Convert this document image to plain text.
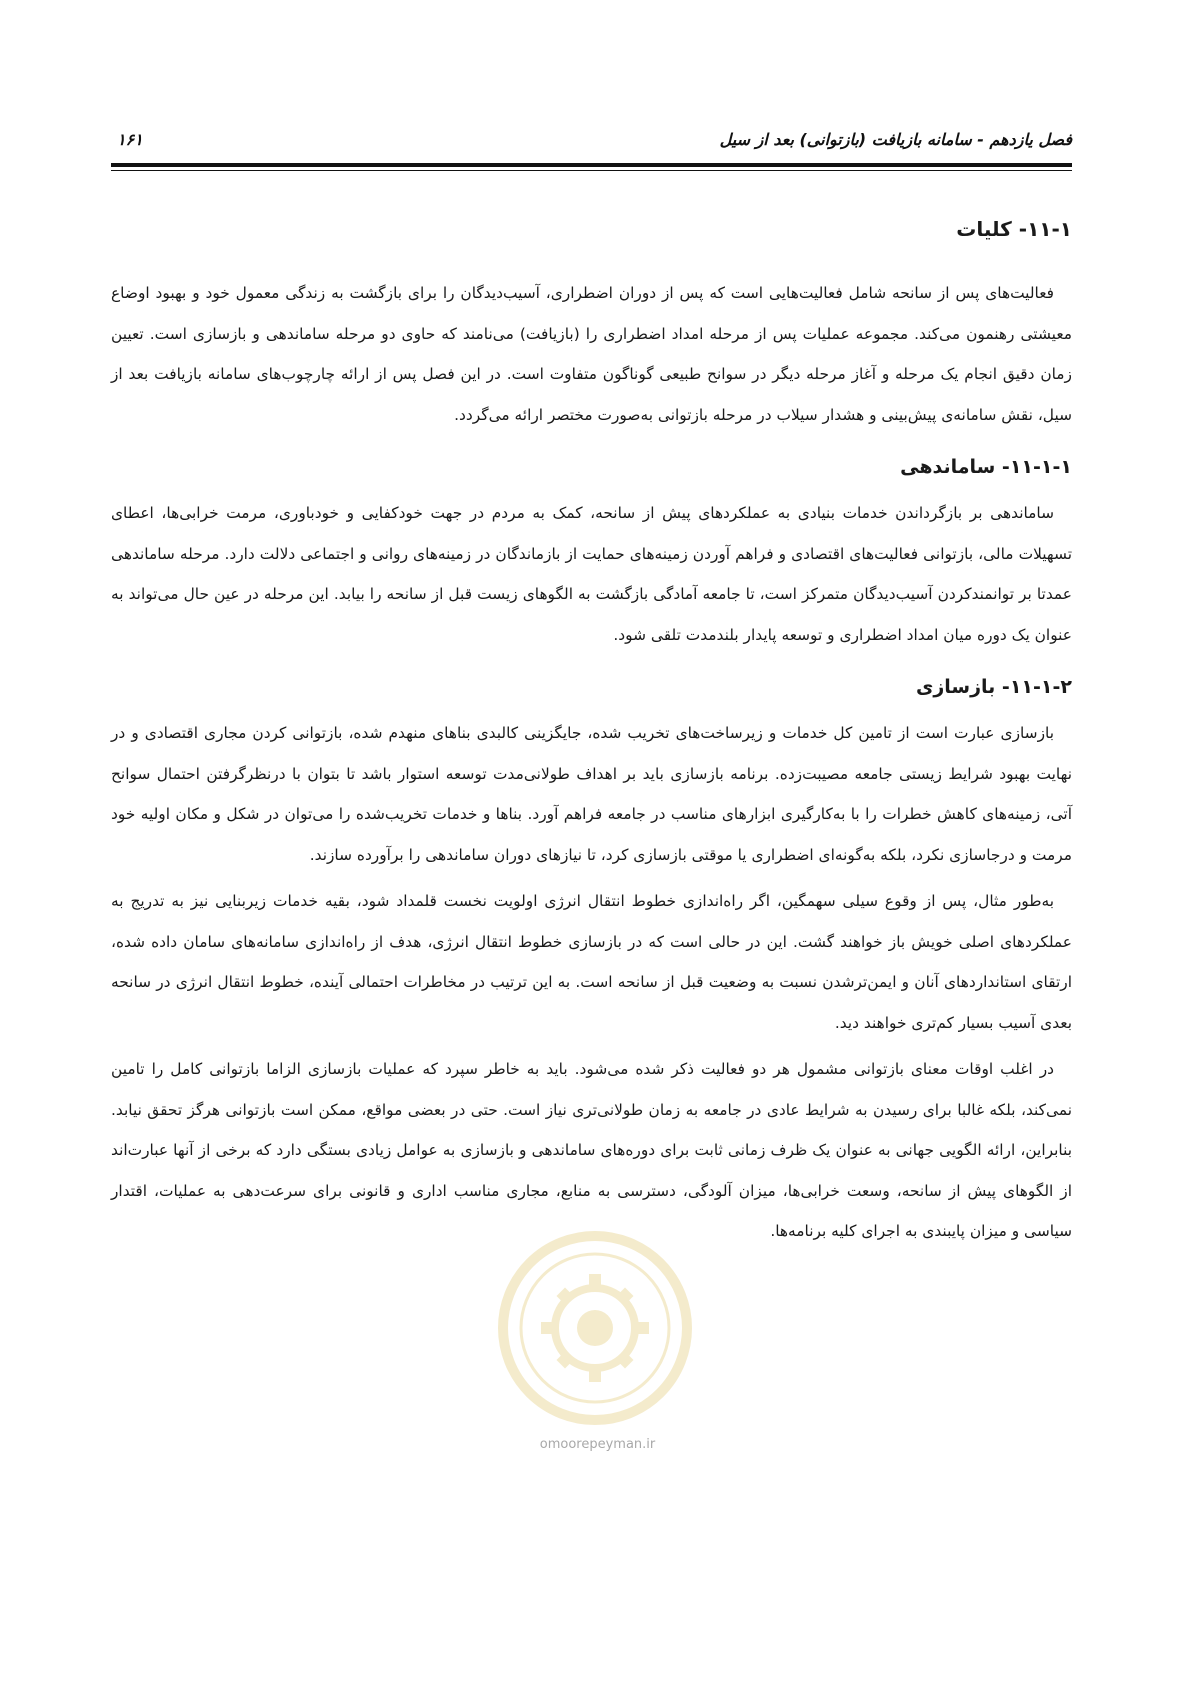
فصل یازدهم - سامانه بازیافت (بازتوانی) بعد از سیل
۱۶۱
۱۱-۱- کلیات

فعالیت‌های پس از سانحه شامل فعالیت‌هایی است که پس از دوران اضطراری، آسیب‌دیدگان را برای بازگشت به زندگی معمول خود و بهبود اوضاع معیشتی رهنمون می‌کند. مجموعه عملیات پس از مرحله امداد اضطراری را (بازیافت) می‌نامند که حاوی دو مرحله ساماندهی و بازسازی است. تعیین زمان دقیق انجام یک مرحله و آغاز مرحله دیگر در سوانح طبیعی گوناگون متفاوت است. در این فصل پس از ارائه چارچوب‌های سامانه بازیافت بعد از سیل، نقش سامانه‌ی پیش‌بینی و هشدار سیلاب در مرحله بازتوانی به‌صورت مختصر ارائه می‌گردد.

۱۱-۱-۱- ساماندهی

ساماندهی بر بازگرداندن خدمات بنیادی به عملکردهای پیش از سانحه، کمک به مردم در جهت خودکفایی و خودباوری، مرمت خرابی‌ها، اعطای تسهیلات مالی، بازتوانی فعالیت‌های اقتصادی و فراهم آوردن زمینه‌های حمایت از بازماندگان در زمینه‌های روانی و اجتماعی دلالت دارد. مرحله ساماندهی عمدتا بر توانمندکردن آسیب‌دیدگان متمرکز است، تا جامعه آمادگی بازگشت به الگوهای زیست قبل از سانحه را بیابد. این مرحله در عین حال می‌تواند به عنوان یک دوره میان امداد اضطراری و توسعه پایدار بلندمدت تلقی شود.

۱۱-۱-۲- بازسازی

بازسازی عبارت است از تامین کل خدمات و زیرساخت‌های تخریب شده، جایگزینی کالبدی بناهای منهدم شده، بازتوانی کردن مجاری اقتصادی و در نهایت بهبود شرایط زیستی جامعه مصیبت‌زده. برنامه بازسازی باید بر اهداف طولانی‌مدت توسعه استوار باشد تا بتوان با درنظرگرفتن احتمال سوانح آتی، زمینه‌های کاهش خطرات را با به‌کارگیری ابزارهای مناسب در جامعه فراهم آورد. بناها و خدمات تخریب‌شده را می‌توان در شکل و مکان اولیه خود مرمت و درجاسازی نکرد، بلکه به‌گونه‌ای اضطراری یا موقتی بازسازی کرد، تا نیازهای دوران ساماندهی را برآورده سازند.

به‌طور مثال، پس از وقوع سیلی سهمگین، اگر راه‌اندازی خطوط انتقال انرژی اولویت نخست قلمداد شود، بقیه خدمات زیربنایی نیز به تدریج به عملکردهای اصلی خویش باز خواهند گشت. این در حالی است که در بازسازی خطوط انتقال انرژی، هدف از راه‌اندازی سامانه‌های سامان داده شده، ارتقای استانداردهای آنان و ایمن‌ترشدن نسبت به وضعیت قبل از سانحه است. به این ترتیب در مخاطرات احتمالی آینده، خطوط انتقال انرژی در سانحه بعدی آسیب بسیار کم‌تری خواهند دید.

در اغلب اوقات معنای بازتوانی مشمول هر دو فعالیت ذکر شده می‌شود. باید به خاطر سپرد که عملیات بازسازی الزاما بازتوانی کامل را تامین نمی‌کند، بلکه غالبا برای رسیدن به شرایط عادی در جامعه به زمان طولانی‌تری نیاز است. حتی در بعضی مواقع، ممکن است بازتوانی هرگز تحقق نیابد. بنابراین، ارائه الگویی جهانی به عنوان یک ظرف زمانی ثابت برای دوره‌های ساماندهی و بازسازی به عوامل زیادی بستگی دارد که برخی از آنها عبارت‌اند از الگوهای پیش از سانحه، وسعت خرابی‌ها، میزان آلودگی، دسترسی به منابع، مجاری مناسب اداری و قانونی برای سرعت‌دهی به عملیات، اقتدار سیاسی و میزان پایبندی به اجرای کلیه برنامه‌ها.

omoorepeyman.ir
